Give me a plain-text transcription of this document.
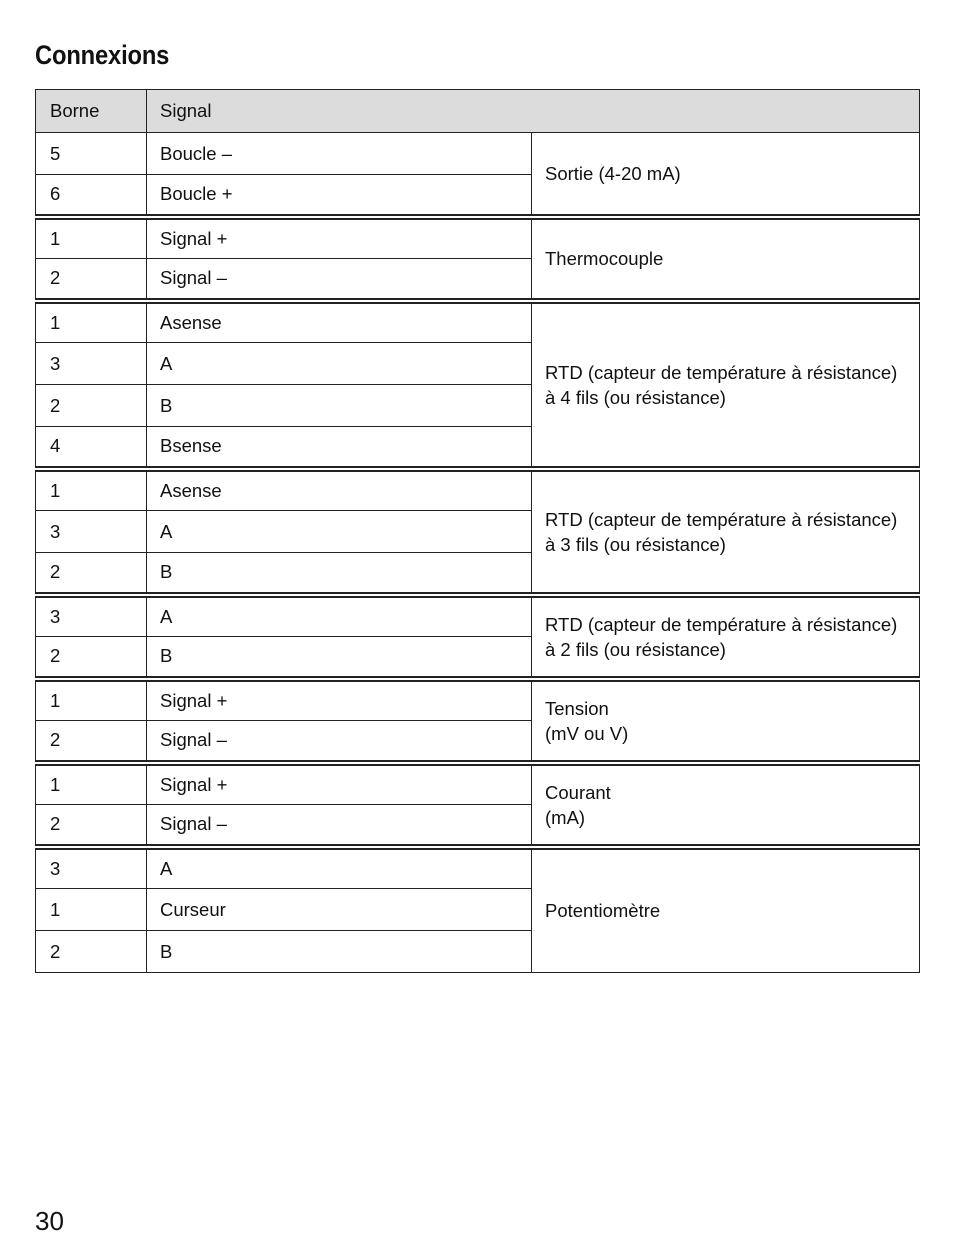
Connexions
Borne	Signal	
5	Boucle –	Sortie (4-20 mA)

6	Boucle +	
1	Signal +	Thermocouple

2	Signal –	
1	Asense	RTD (capteur de température à résistance)
à 4 fils (ou résistance)

3	A	
2	B	
4	Bsense	
1	Asense	RTD (capteur de température à résistance)
à 3 fils (ou résistance)

3	A	
2	B	
3	A	RTD (capteur de température à résistance)
à 2 fils (ou résistance)

2	B	
1	Signal +	Tension
(mV ou V)

2	Signal –	
1	Signal +	Courant
(mA)

2	Signal –	
3	A	Potentiomètre

1	Curseur	
2	B	
30
